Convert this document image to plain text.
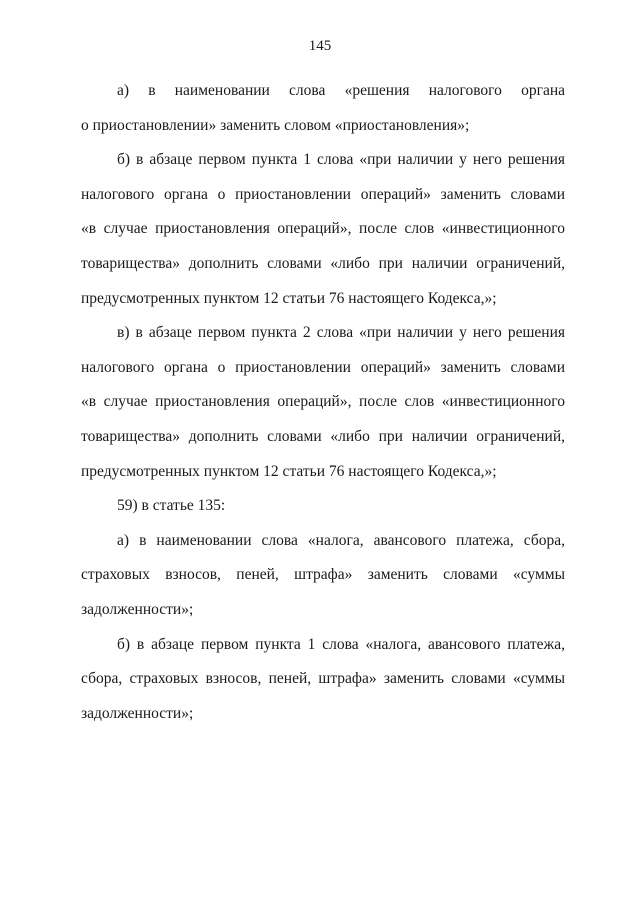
145
а) в наименовании слова «решения налогового органа
о приостановлении» заменить словом «приостановления»;
б) в абзаце первом пункта 1 слова «при наличии у него решения
налогового органа о приостановлении операций» заменить словами
«в случае приостановления операций», после слов «инвестиционного
товарищества» дополнить словами «либо при наличии ограничений,
предусмотренных пунктом 12 статьи 76 настоящего Кодекса,»;
в) в абзаце первом пункта 2 слова «при наличии у него решения
налогового органа о приостановлении операций» заменить словами
«в случае приостановления операций», после слов «инвестиционного
товарищества» дополнить словами «либо при наличии ограничений,
предусмотренных пунктом 12 статьи 76 настоящего Кодекса,»;
59) в статье 135:
а) в наименовании слова «налога, авансового платежа, сбора,
страховых взносов, пеней, штрафа» заменить словами «суммы
задолженности»;
б) в абзаце первом пункта 1 слова «налога, авансового платежа,
сбора, страховых взносов, пеней, штрафа» заменить словами «суммы
задолженности»;
